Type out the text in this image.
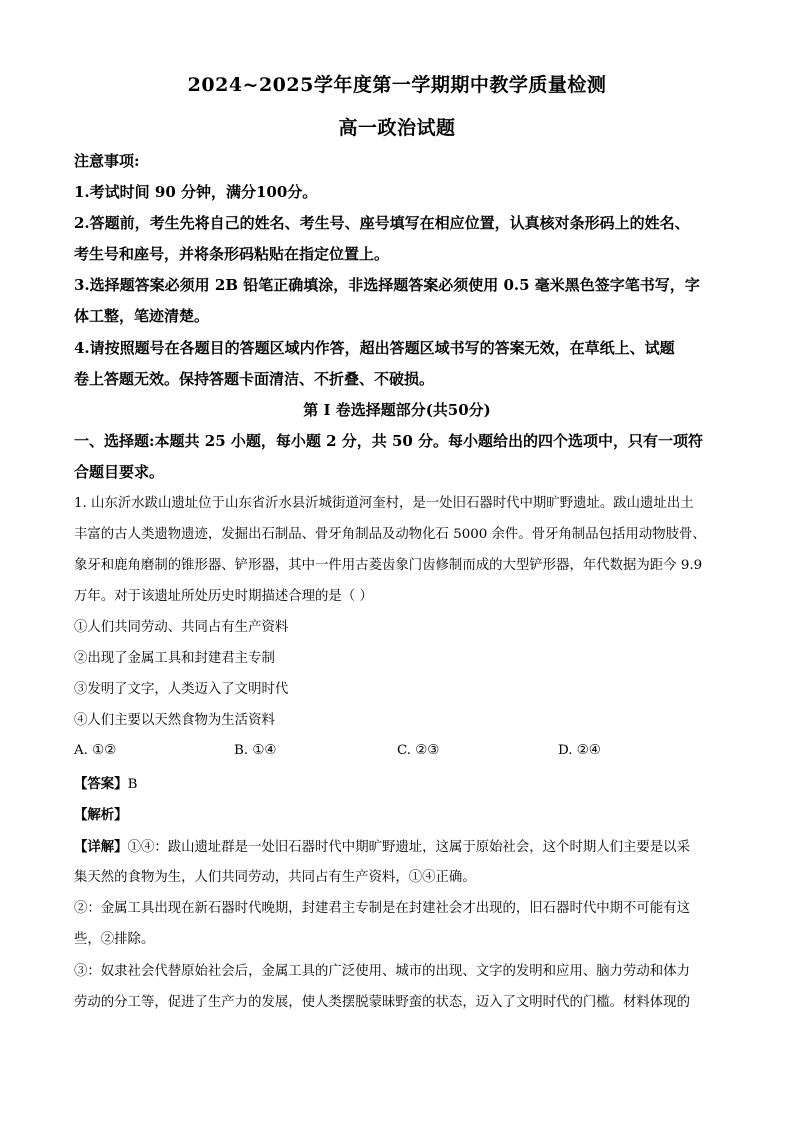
2024~2025学年度第一学期期中教学质量检测
高一政治试题
注意事项:
1.考试时间 90 分钟，满分100分。
2.答题前，考生先将自己的姓名、考生号、座号填写在相应位置，认真核对条形码上的姓名、
考生号和座号，并将条形码粘贴在指定位置上。
3.选择题答案必须用 2B 铅笔正确填涂，非选择题答案必须使用 0.5 毫米黑色签字笔书写，字
体工整，笔迹清楚。
4.请按照题号在各题目的答题区域内作答，超出答题区域书写的答案无效，在草纸上、试题
卷上答题无效。保持答题卡面清洁、不折叠、不破损。
第 I 卷选择题部分(共50分)
一、选择题:本题共 25 小题，每小题 2 分，共 50 分。每小题给出的四个选项中，只有一项符
合题目要求。
1. 山东沂水跋山遗址位于山东省沂水县沂城街道河奎村，是一处旧石器时代中期旷野遗址。跋山遗址出土
丰富的古人类遗物遗迹，发掘出石制品、骨牙角制品及动物化石 5000 余件。骨牙角制品包括用动物肢骨、
象牙和鹿角磨制的锥形器、铲形器，其中一件用古菱齿象门齿修制而成的大型铲形器，年代数据为距今 9.9
万年。对于该遗址所处历史时期描述合理的是（ ）
①人们共同劳动、共同占有生产资料
②出现了金属工具和封建君主专制
③发明了文字，人类迈入了文明时代
④人们主要以天然食物为生活资料
A. ①②	B. ①④	C. ②③	D. ②④
【答案】B
【解析】
【详解】①④：跋山遗址群是一处旧石器时代中期旷野遗址，这属于原始社会，这个时期人们主要是以采
集天然的食物为生，人们共同劳动，共同占有生产资料，①④正确。
②：金属工具出现在新石器时代晚期，封建君主专制是在封建社会才出现的，旧石器时代中期不可能有这
些，②排除。
③：奴隶社会代替原始社会后，金属工具的广泛使用、城市的出现、文字的发明和应用、脑力劳动和体力
劳动的分工等，促进了生产力的发展，使人类摆脱蒙昧野蛮的状态，迈入了文明时代的门槛。材料体现的
